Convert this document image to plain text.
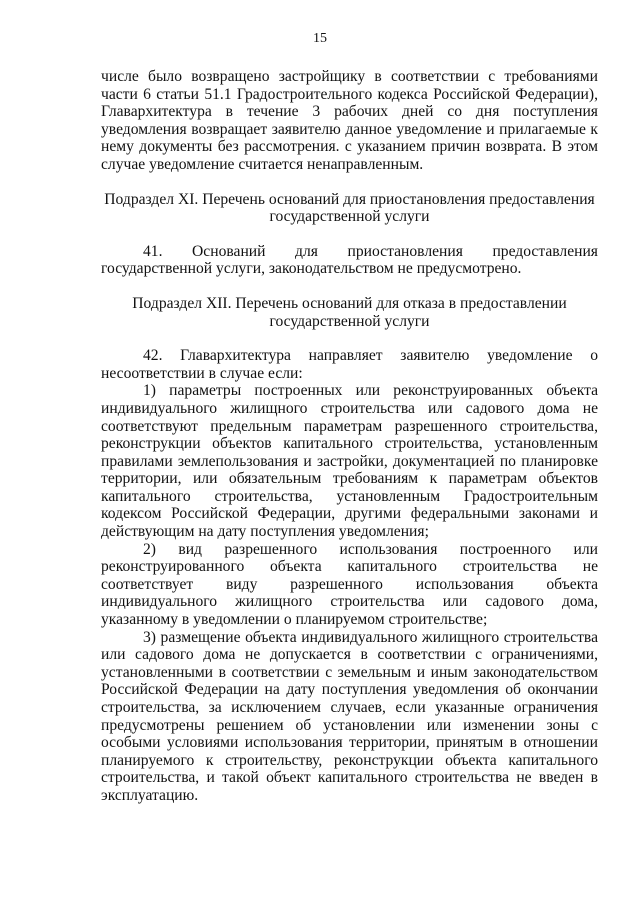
15

числе было возвращено застройщику в соответствии с требованиями части 6 статьи 51.1 Градостроительного кодекса Российской Федерации), Главархитектура в течение 3 рабочих дней со дня поступления уведомления возвращает заявителю данное уведомление и прилагаемые к нему документы без рассмотрения. с указанием причин возврата. В этом случае уведомление считается ненаправленным.

Подраздел XI. Перечень оснований для приостановления предоставления государственной услуги

41. Оснований для приостановления предоставления государственной услуги, законодательством не предусмотрено.

Подраздел XII. Перечень оснований для отказа в предоставлении государственной услуги

42. Главархитектура направляет заявителю уведомление о несоответствии в случае если:

1) параметры построенных или реконструированных объекта индивидуального жилищного строительства или садового дома не соответствуют предельным параметрам разрешенного строительства, реконструкции объектов капитального строительства, установленным правилами землепользования и застройки, документацией по планировке территории, или обязательным требованиям к параметрам объектов капитального строительства, установленным Градостроительным кодексом Российской Федерации, другими федеральными законами и действующим на дату поступления уведомления;

2) вид разрешенного использования построенного или реконструированного объекта капитального строительства не соответствует виду разрешенного использования объекта индивидуального жилищного строительства или садового дома, указанному в уведомлении о планируемом строительстве;

3) размещение объекта индивидуального жилищного строительства или садового дома не допускается в соответствии с ограничениями, установленными в соответствии с земельным и иным законодательством Российской Федерации на дату поступления уведомления об окончании строительства, за исключением случаев, если указанные ограничения предусмотрены решением об установлении или изменении зоны с особыми условиями использования территории, принятым в отношении планируемого к строительству, реконструкции объекта капитального строительства, и такой объект капитального строительства не введен в эксплуатацию.
